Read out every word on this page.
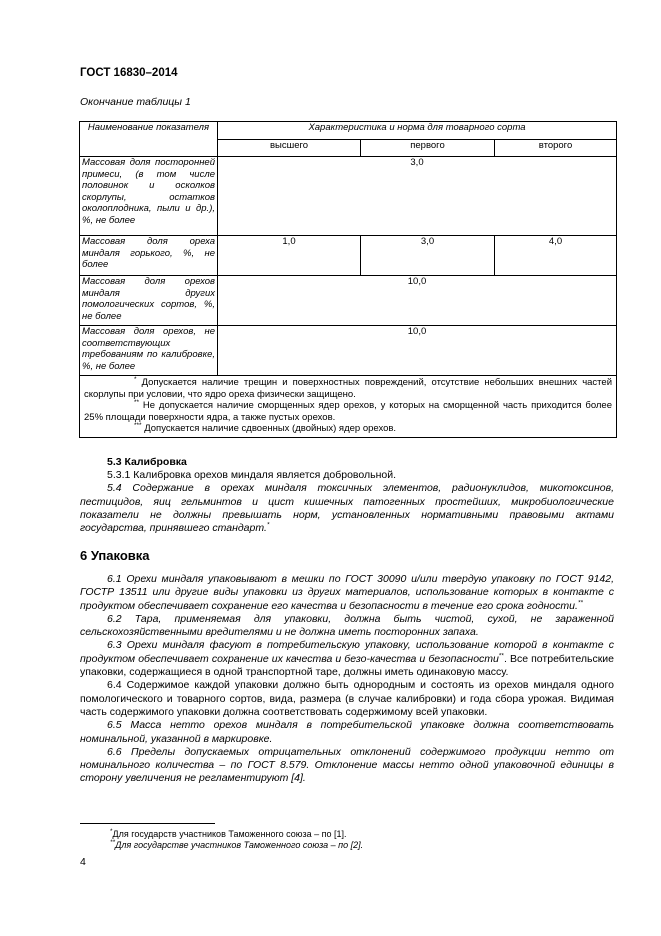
ГОСТ 16830–2014
Окончание таблицы 1
Наименование показателя	Характеристика и норма для товарного сорта		
	высшего	первого	второго
Массовая доля посторонней примеси, (в том числе половинок и осколков скорлупы, остатков околоплодника, пыли и др.), %, не более	3,0		
Массовая доля ореха миндаля горького, %, не более	1,0	3,0	4,0
Массовая доля орехов миндаля других помологических сортов, %, не более	10,0		
Массовая доля орехов, не соответствующих требованиям по калибровке, %, не более	10,0		

* Допускается наличие трещин и поверхностных повреждений, отсутствие небольших внешних частей скорлупы при условии, что ядро ореха физически защищено.

** Не допускается наличие сморщенных ядер орехов, у которых на сморщенной часть приходится более 25% площади поверхности ядра, а также пустых орехов.

*** Допускается наличие сдвоенных (двойных) ядер орехов.			

5.3 Калибровка

5.3.1 Калибровка орехов миндаля является добровольной.

5.4 Содержание в орехах миндаля токсичных элементов, радионуклидов, микотоксинов, пестицидов, яиц гельминтов и цист кишечных патогенных простейших, микробиологические показатели не должны превышать норм, установленных нормативными правовыми актами государства, принявшего стандарт.*

6 Упаковка

6.1 Орехи миндаля упаковывают в мешки по ГОСТ 30090 и/или твердую упаковку по ГОСТ 9142, ГОСТР 13511 или другие виды упаковки из других материалов, использование которых в контакте с продуктом обеспечивает сохранение его качества и безопасности в течение его срока годности.**

6.2 Тара, применяемая для упаковки, должна быть чистой, сухой, не зараженной сельскохозяйственными вредителями и не должна иметь посторонних запаха.

6.3 Орехи миндаля фасуют в потребительскую упаковку, использование которой в контакте с продуктом обеспечивает сохранение их качества и безо-качества и безопасности**. Все потребительские упаковки, содержащиеся в одной транспортной таре, должны иметь одинаковую массу.

6.4 Содержимое каждой упаковки должно быть однородным и состоять из орехов миндаля одного помологического и товарного сортов, вида, размера (в случае калибровки) и года сбора урожая. Видимая часть содержимого упаковки должна соответствовать содержимому всей упаковки.

6.5 Масса нетто орехов миндаля в потребительской упаковке должна соответствовать номинальной, указанной в маркировке.

6.6 Пределы допускаемых отрицательных отклонений содержимого продукции нетто от номинального количества – по ГОСТ 8.579. Отклонение массы нетто одной упаковочной единицы в сторону увеличения не регламентируют [4].

*Для государств участников Таможенного союза – по [1].
**Для государстве участников Таможенного союза – по [2].
4
